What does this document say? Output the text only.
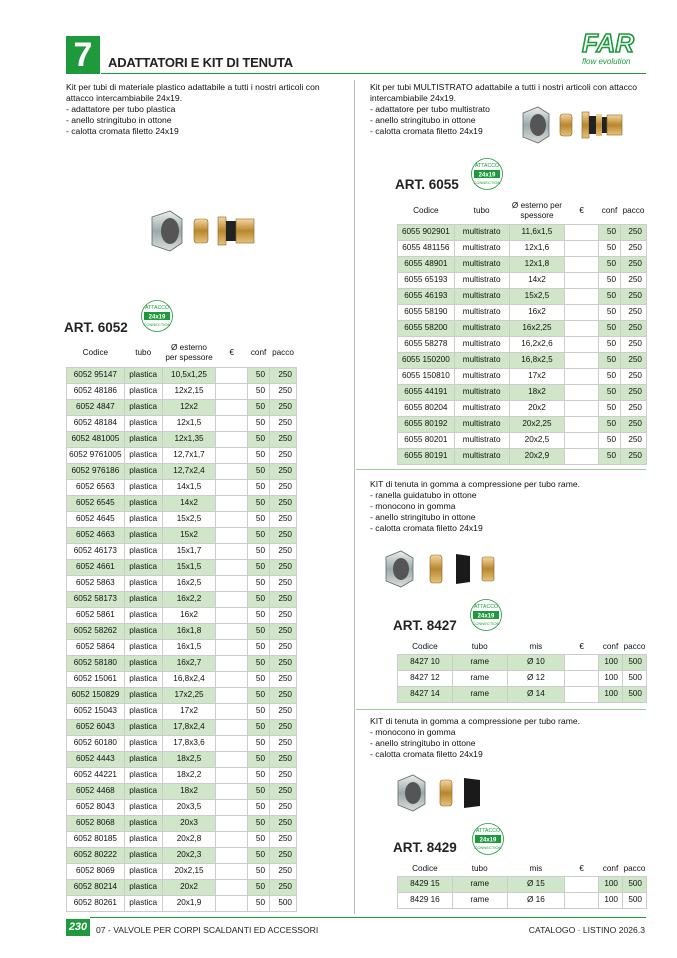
7	ADATTATORI E KIT DI TENUTA
FAR
flow evolution
Kit per tubi di materiale plastico adattabile a tutti i nostri articoli con attacco intercambiabile 24x19.
- adattatore per tubo plastica
- anello stringitubo in ottone
- calotta cromata filetto 24x19
ATTACCO
24x19
CONNECTION
ART. 6052
Codice	tubo	Ø esterno
per spessore	€	conf	pacco
6052 95147	plastica	10,5x1,25		50	250
6052 48186	plastica	12x2,15		50	250
6052 4847	plastica	12x2		50	250
6052 48184	plastica	12x1,5		50	250
6052 481005	plastica	12x1,35		50	250
6052 9761005	plastica	12,7x1,7		50	250
6052 976186	plastica	12,7x2,4		50	250
6052 6563	plastica	14x1,5		50	250
6052 6545	plastica	14x2		50	250
6052 4645	plastica	15x2,5		50	250
6052 4663	plastica	15x2		50	250
6052 46173	plastica	15x1,7		50	250
6052 4661	plastica	15x1,5		50	250
6052 5863	plastica	16x2,5		50	250
6052 58173	plastica	16x2,2		50	250
6052 5861	plastica	16x2		50	250
6052 58262	plastica	16x1,8		50	250
6052 5864	plastica	16x1,5		50	250
6052 58180	plastica	16x2,7		50	250
6052 15061	plastica	16,8x2,4		50	250
6052 150829	plastica	17x2,25		50	250
6052 15043	plastica	17x2		50	250
6052 6043	plastica	17,8x2,4		50	250
6052 60180	plastica	17,8x3,6		50	250
6052 4443	plastica	18x2,5		50	250
6052 44221	plastica	18x2,2		50	250
6052 4468	plastica	18x2		50	250
6052 8043	plastica	20x3,5		50	250
6052 8068	plastica	20x3		50	250
6052 80185	plastica	20x2,8		50	250
6052 80222	plastica	20x2,3		50	250
6052 8069	plastica	20x2,15		50	250
6052 80214	plastica	20x2		50	250
6052 80261	plastica	20x1,9		50	500
Kit per tubi MULTISTRATO adattabile a tutti i nostri articoli con attacco intercambiabile 24x19.
- adattatore per tubo multistrato
- anello stringitubo in ottone
- calotta cromata filetto 24x19
ATTACCO
24x19
CONNECTION
ART. 6055
Codice	tubo	Ø esterno per
spessore	€	conf	pacco
6055 902901	multistrato	11,6x1,5		50	250
6055 481156	multistrato	12x1,6		50	250
6055 48901	multistrato	12x1,8		50	250
6055 65193	multistrato	14x2		50	250
6055 46193	multistrato	15x2,5		50	250
6055 58190	multistrato	16x2		50	250
6055 58200	multistrato	16x2,25		50	250
6055 58278	multistrato	16,2x2,6		50	250
6055 150200	multistrato	16,8x2,5		50	250
6055 150810	multistrato	17x2		50	250
6055 44191	multistrato	18x2		50	250
6055 80204	multistrato	20x2		50	250
6055 80192	multistrato	20x2,25		50	250
6055 80201	multistrato	20x2,5		50	250
6055 80191	multistrato	20x2,9		50	250
KIT di tenuta in gomma a compressione per tubo rame.
- ranella guidatubo in ottone
- monocono in gomma
- anello stringitubo in ottone
- calotta cromata filetto 24x19
ATTACCO
24x19
CONNECTION
ART. 8427
Codice	tubo	mis	€	conf	pacco
8427 10	rame	Ø 10		100	500
8427 12	rame	Ø 12		100	500
8427 14	rame	Ø 14		100	500
KIT di tenuta in gomma a compressione per tubo rame.
- monocono in gomma
- anello stringitubo in ottone
- calotta cromata filetto 24x19
ATTACCO
24x19
CONNECTION
ART. 8429
Codice	tubo	mis	€	conf	pacco
8429 15	rame	Ø 15		100	500
8429 16	rame	Ø 16		100	500
230	07 - VALVOLE PER CORPI SCALDANTI ED ACCESSORI	CATALOGO · LISTINO 2026.3
